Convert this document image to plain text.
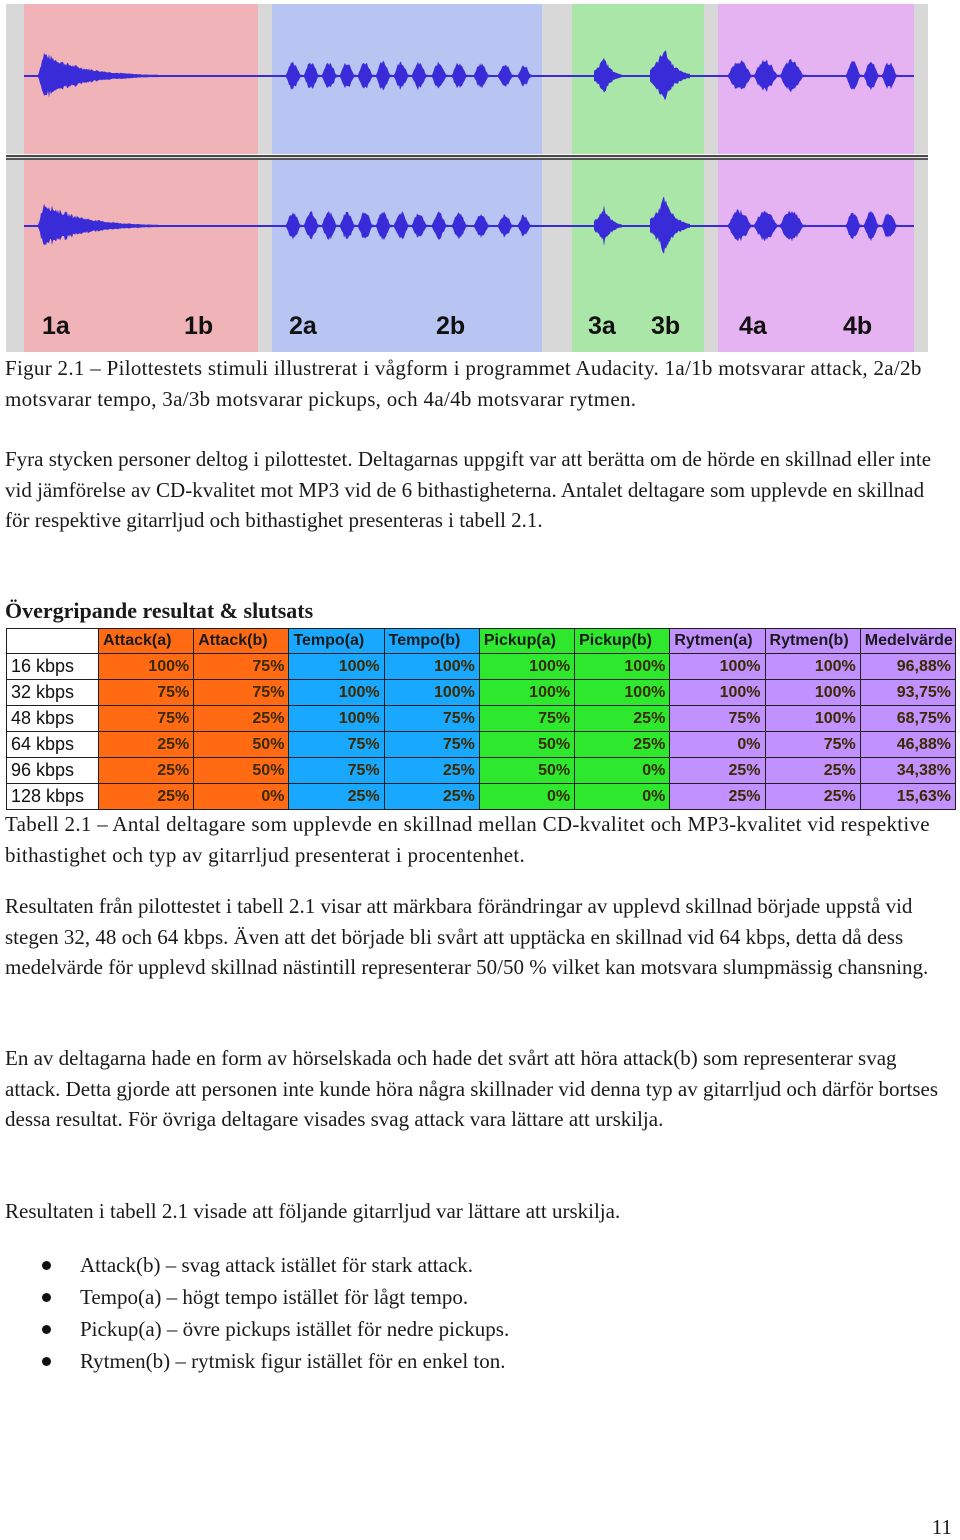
1a	1b	2a	2b	3a 3b 4a	4b

Figur 2.1 – Pilottestets stimuli illustrerat i vågform i programmet Audacity. 1a/1b motsvarar attack, 2a/2b motsvarar tempo, 3a/3b motsvarar pickups, och 4a/4b motsvarar rytmen.

Fyra stycken personer deltog i pilottestet. Deltagarnas uppgift var att berätta om de hörde en skillnad eller inte vid jämförelse av CD-kvalitet mot MP3 vid de 6 bithastigheterna. Antalet deltagare som upplevde en skillnad för respektive gitarrljud och bithastighet presenteras i tabell 2.1.

Övergripande resultat & slutsats
	Attack(a)	Attack(b)	Tempo(a)	Tempo(b)	Pickup(a)	Pickup(b)	Rytmen(a)	Rytmen(b)	Medelvärde
16 kbps	100%	75%	100%	100%	100%	100%	100%	100%	96,88%
32 kbps	75%	75%	100%	100%	100%	100%	100%	100%	93,75%
48 kbps	75%	25%	100%	75%	75%	25%	75%	100%	68,75%
64 kbps	25%	50%	75%	75%	50%	25%	0%	75%	46,88%
96 kbps	25%	50%	75%	25%	50%	0%	25%	25%	34,38%
128 kbps	25%	0%	25%	25%	0%	0%	25%	25%	15,63%

Tabell 2.1 – Antal deltagare som upplevde en skillnad mellan CD-kvalitet och MP3-kvalitet vid respektive bithastighet och typ av gitarrljud presenterat i procentenhet.

Resultaten från pilottestet i tabell 2.1 visar att märkbara förändringar av upplevd skillnad började uppstå vid stegen 32, 48 och 64 kbps. Även att det började bli svårt att upptäcka en skillnad vid 64 kbps, detta då dess medelvärde för upplevd skillnad nästintill representerar 50/50 % vilket kan motsvara slumpmässig chansning.

En av deltagarna hade en form av hörselskada och hade det svårt att höra attack(b) som representerar svag attack. Detta gjorde att personen inte kunde höra några skillnader vid denna typ av gitarrljud och därför bortses dessa resultat. För övriga deltagare visades svag attack vara lättare att urskilja.

Resultaten i tabell 2.1 visade att följande gitarrljud var lättare att urskilja.

Attack(b) – svag attack istället för stark attack.
Tempo(a) – högt tempo istället för lågt tempo.
Pickup(a) – övre pickups istället för nedre pickups.
Rytmen(b) – rytmisk figur istället för en enkel ton.
11
